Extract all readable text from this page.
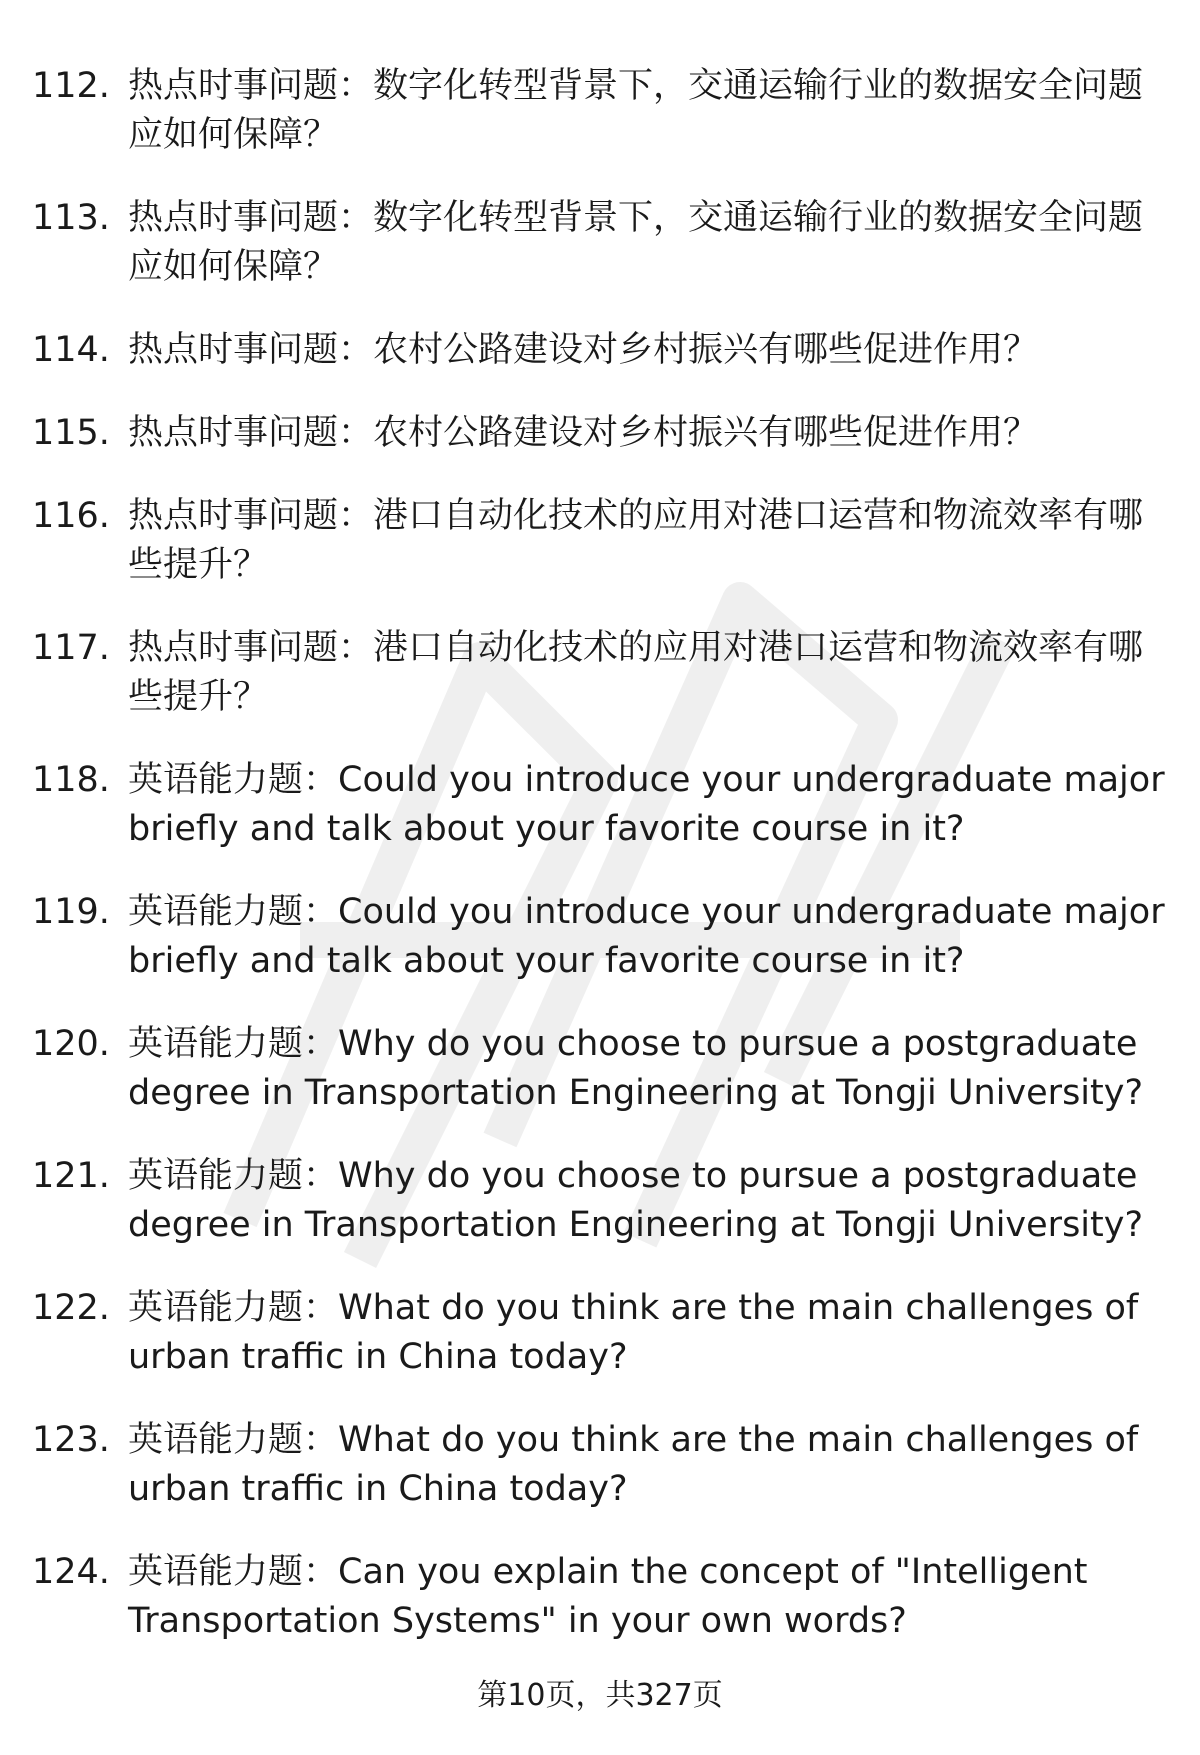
112. 热点时事问题：数字化转型背景下，交通运输行业的数据安全问题应如何保障？
113. 热点时事问题：数字化转型背景下，交通运输行业的数据安全问题应如何保障？
114. 热点时事问题：农村公路建设对乡村振兴有哪些促进作用？
115. 热点时事问题：农村公路建设对乡村振兴有哪些促进作用？
116. 热点时事问题：港口自动化技术的应用对港口运营和物流效率有哪些提升？
117. 热点时事问题：港口自动化技术的应用对港口运营和物流效率有哪些提升？
118. 英语能力题：Could you introduce your undergraduate major briefly and talk about your favorite course in it?
119. 英语能力题：Could you introduce your undergraduate major briefly and talk about your favorite course in it?
120. 英语能力题：Why do you choose to pursue a postgraduate degree in Transportation Engineering at Tongji University?
121. 英语能力题：Why do you choose to pursue a postgraduate degree in Transportation Engineering at Tongji University?
122. 英语能力题：What do you think are the main challenges of urban traffic in China today?
123. 英语能力题：What do you think are the main challenges of urban traffic in China today?
124. 英语能力题：Can you explain the concept of "Intelligent Transportation Systems" in your own words?
第10页，共327页
